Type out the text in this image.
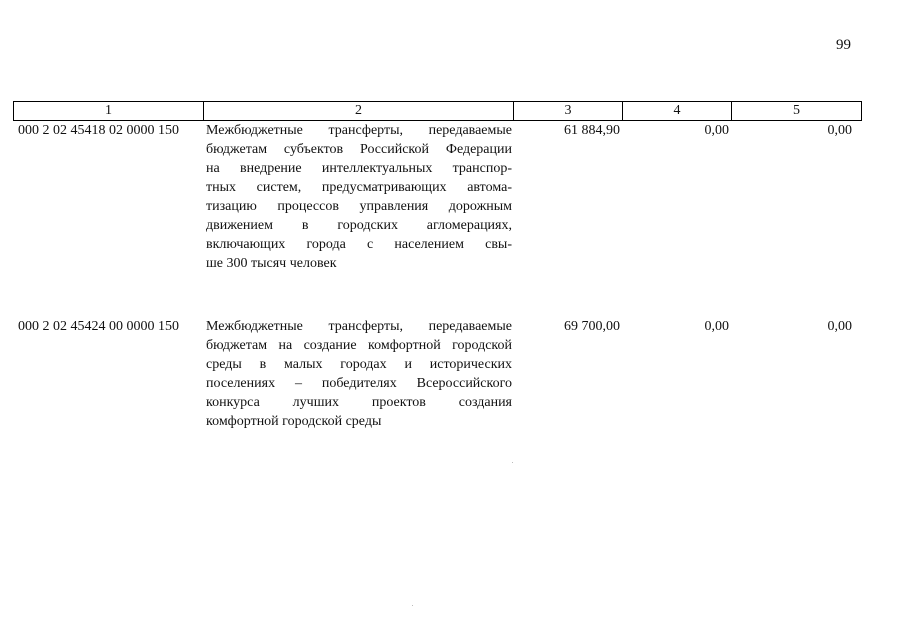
99
1	2	3	4	5
000 2 02 45418 02 0000 150	Межбюджетные трансферты, передаваемые
бюджетам субъектов Российской Федерации
на внедрение интеллектуальных транспор-
тных систем, предусматривающих автома-
тизацию процессов управления дорожным
движением в городских агломерациях,
включающих города с населением свы-
ше 300 тысяч человек
61 884,90	0,00	0,00
000 2 02 45424 00 0000 150	Межбюджетные трансферты, передаваемые
бюджетам на создание комфортной городской
среды в малых городах и исторических
поселениях – победителях Всероссийского
конкурса лучших проектов создания
комфортной городской среды
69 700,00	0,00	0,00
